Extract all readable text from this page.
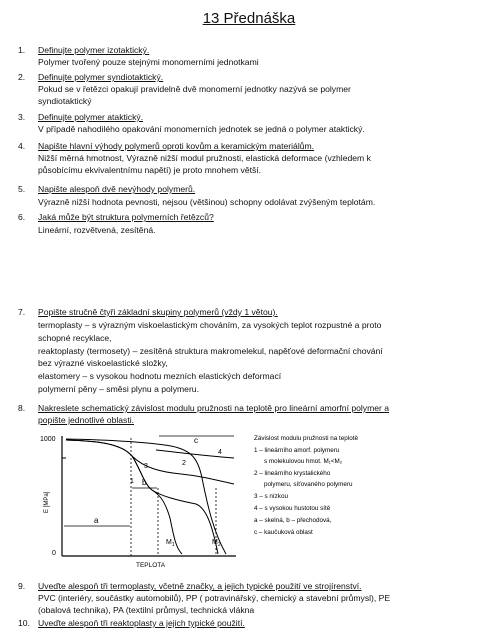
13 Přednáška
1.	Definujte polymer izotaktický.
Polymer tvořený pouze stejnými monomerními jednotkami
2.	Definujte polymer syndiotaktický.
Pokud se v řetězci opakují pravidelně dvě monomerní jednotky nazývá se polymer
syndiotaktický
3.	Definujte polymer ataktický.
V případě nahodilého opakování monomerních jednotek se jedná o polymer ataktický.
4.	Napište hlavní výhody polymerů oproti kovům a keramickým materiálům.
Nižší měrná hmotnost, Výrazně nižší modul pružnosti, elastická deformace (vzhledem k
působícímu ekvivalentnímu napětí) je proto mnohem větší.
5.	Napište alespoň dvě nevýhody polymerů.
Výrazně nižší hodnota pevnosti, nejsou (většinou) schopny odolávat zvýšeným teplotám.
6.	Jaká může být struktura polymerních řetězců?
Lineární, rozvětvená, zesítěná.
7.	Popište stručně čtyři základní skupiny polymerů (vždy 1 větou).
termoplasty – s výrazným viskoelastickým chováním, za vysokých teplot rozpustné a proto
schopné recyklace,
reaktoplasty (termosety) – zesítěná struktura makromelekul, napěťové deformační chování
bez výrazné viskoelastické složky,
elastomery – s vysokou hodnotu mezních elastických deformací
polymerní pěny – směsi plynu a polymeru.
8.	Nakreslete schematický závislost modulu pružnosti na teplotě pro lineární amorfní polymer a
popište jednotlivé oblasti.
1000
0
E [MPa]
TEPLOTA
a
b
c
1
2
3
4
$M_1$	$M_2$
Závislost modulu pružnosti na teplotě
1 – lineárního amorf. polymeru
s molekulovou hmot. M₁<M₂
2 – lineárního krystalického
polymeru, síťovaného polymeru
3 – s nízkou
4 – s vysokou hustotou sítě
a – skelná, b – přechodová,
c – kaučuková oblast
9.	Uveďte alespoň tři termoplasty, včetně značky, a jejich typické použití ve strojírenství.
PVC (interiéry, součástky automobilů), PP ( potravinářský, chemický a stavební průmysl), PE
(obalová technika), PA (textilní průmysl, technická vlákna
10. Uveďte alespoň tři reaktoplasty a jejich typické použití.
